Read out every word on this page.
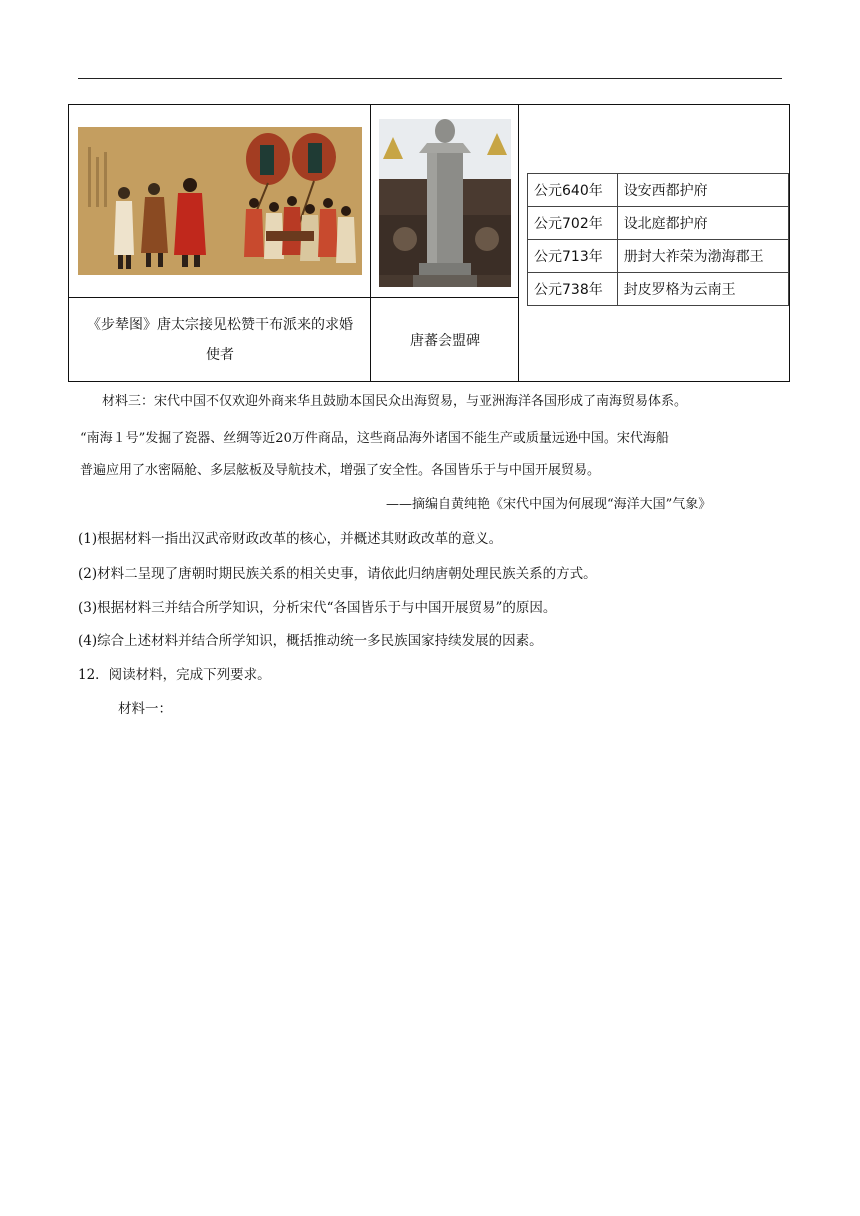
《步辇图》唐太宗接见松赞干布派来的求婚
使者
唐蕃会盟碑
公元640年	设安西都护府
公元702年	设北庭都护府
公元713年	册封大祚荣为渤海郡王
公元738年	封皮罗格为云南王
材料三：宋代中国不仅欢迎外商来华且鼓励本国民众出海贸易，与亚洲海洋各国形成了南海贸易体系。
“南海１号”发掘了瓷器、丝绸等近20万件商品，这些商品海外诸国不能生产或质量远逊中国。宋代海船
普遍应用了水密隔舱、多层舷板及导航技术，增强了安全性。各国皆乐于与中国开展贸易。
——摘编自黄纯艳《宋代中国为何展现“海洋大国”气象》
(1)根据材料一指出汉武帝财政改革的核心，并概述其财政改革的意义。
(2)材料二呈现了唐朝时期民族关系的相关史事，请依此归纳唐朝处理民族关系的方式。
(3)根据材料三并结合所学知识，分析宋代“各国皆乐于与中国开展贸易”的原因。
(4)综合上述材料并结合所学知识，概括推动统一多民族国家持续发展的因素。
12．阅读材料，完成下列要求。
材料一：
